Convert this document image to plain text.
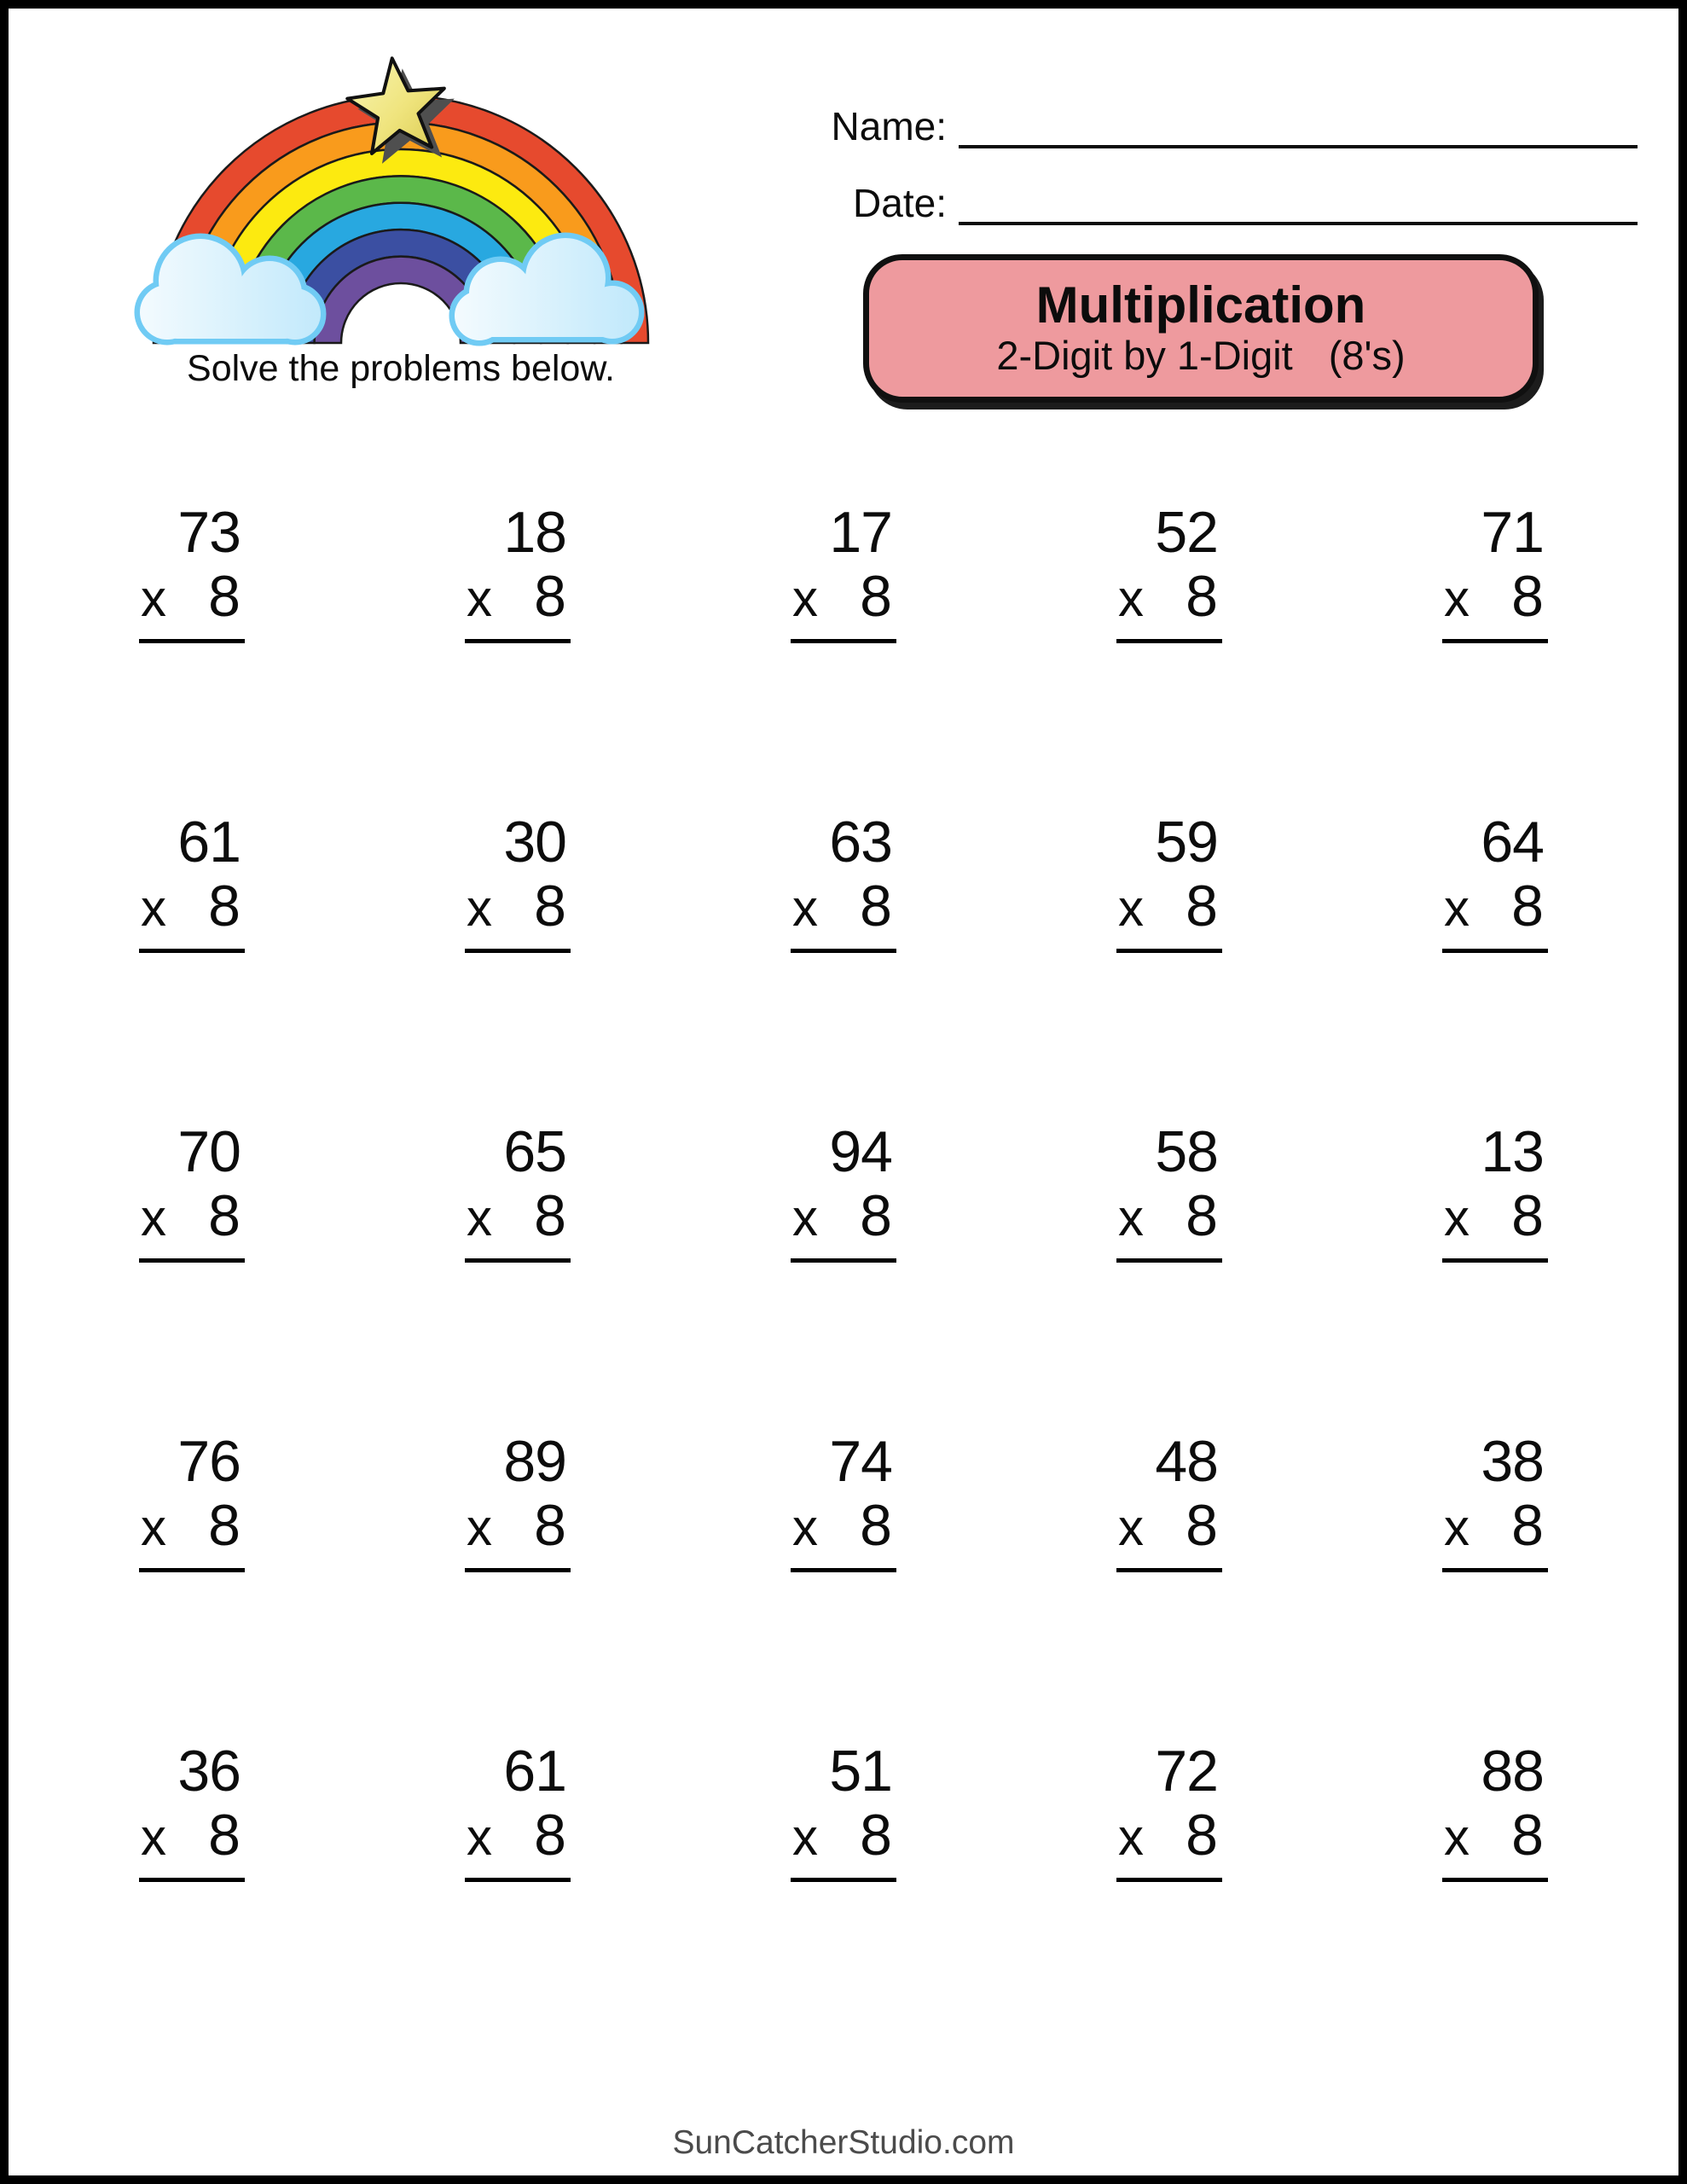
Solve the problems below.
Name:
Date:
Multiplication
2-Digit by 1-Digit (8's)
73
x 8
18
x 8
17
x 8
52
x 8
71
x 8
61
x 8
30
x 8
63
x 8
59
x 8
64
x 8
70
x 8
65
x 8
94
x 8
58
x 8
13
x 8
76
x 8
89
x 8
74
x 8
48
x 8
38
x 8
36
x 8
61
x 8
51
x 8
72
x 8
88
x 8
SunCatcherStudio.com
